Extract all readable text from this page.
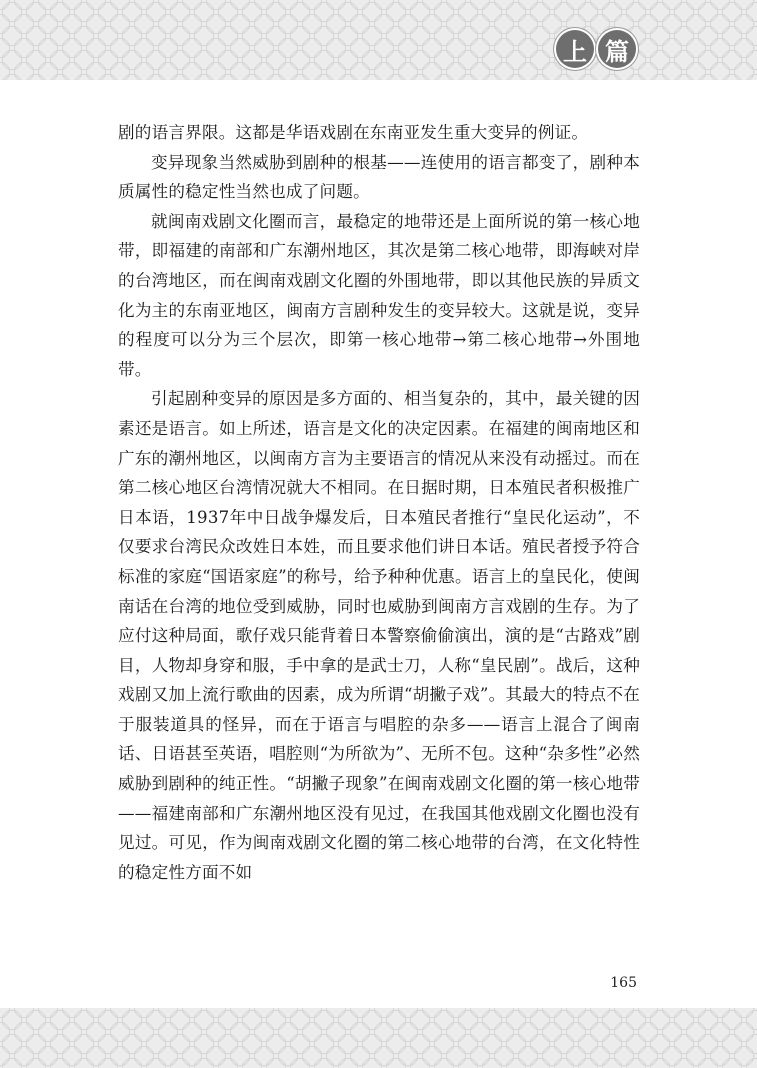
上 篇

剧的语言界限。这都是华语戏剧在东南亚发生重大变异的例证。

变异现象当然威胁到剧种的根基——连使用的语言都变了，剧种本质属性的稳定性当然也成了问题。

就闽南戏剧文化圈而言，最稳定的地带还是上面所说的第一核心地带，即福建的南部和广东潮州地区，其次是第二核心地带，即海峡对岸的台湾地区，而在闽南戏剧文化圈的外围地带，即以其他民族的异质文化为主的东南亚地区，闽南方言剧种发生的变异较大。这就是说，变异的程度可以分为三个层次，即第一核心地带→第二核心地带→外围地带。

引起剧种变异的原因是多方面的、相当复杂的，其中，最关键的因素还是语言。如上所述，语言是文化的决定因素。在福建的闽南地区和广东的潮州地区，以闽南方言为主要语言的情况从来没有动摇过。而在第二核心地区台湾情况就大不相同。在日据时期，日本殖民者积极推广日本语，1937年中日战争爆发后，日本殖民者推行“皇民化运动”，不仅要求台湾民众改姓日本姓，而且要求他们讲日本话。殖民者授予符合标准的家庭“国语家庭”的称号，给予种种优惠。语言上的皇民化，使闽南话在台湾的地位受到威胁，同时也威胁到闽南方言戏剧的生存。为了应付这种局面，歌仔戏只能背着日本警察偷偷演出，演的是“古路戏”剧目，人物却身穿和服，手中拿的是武士刀，人称“皇民剧”。战后，这种戏剧又加上流行歌曲的因素，成为所谓“胡撇子戏”。其最大的特点不在于服装道具的怪异，而在于语言与唱腔的杂多——语言上混合了闽南话、日语甚至英语，唱腔则“为所欲为”、无所不包。这种“杂多性”必然威胁到剧种的纯正性。“胡撇子现象”在闽南戏剧文化圈的第一核心地带——福建南部和广东潮州地区没有见过，在我国其他戏剧文化圈也没有见过。可见，作为闽南戏剧文化圈的第二核心地带的台湾，在文化特性的稳定性方面不如

165
